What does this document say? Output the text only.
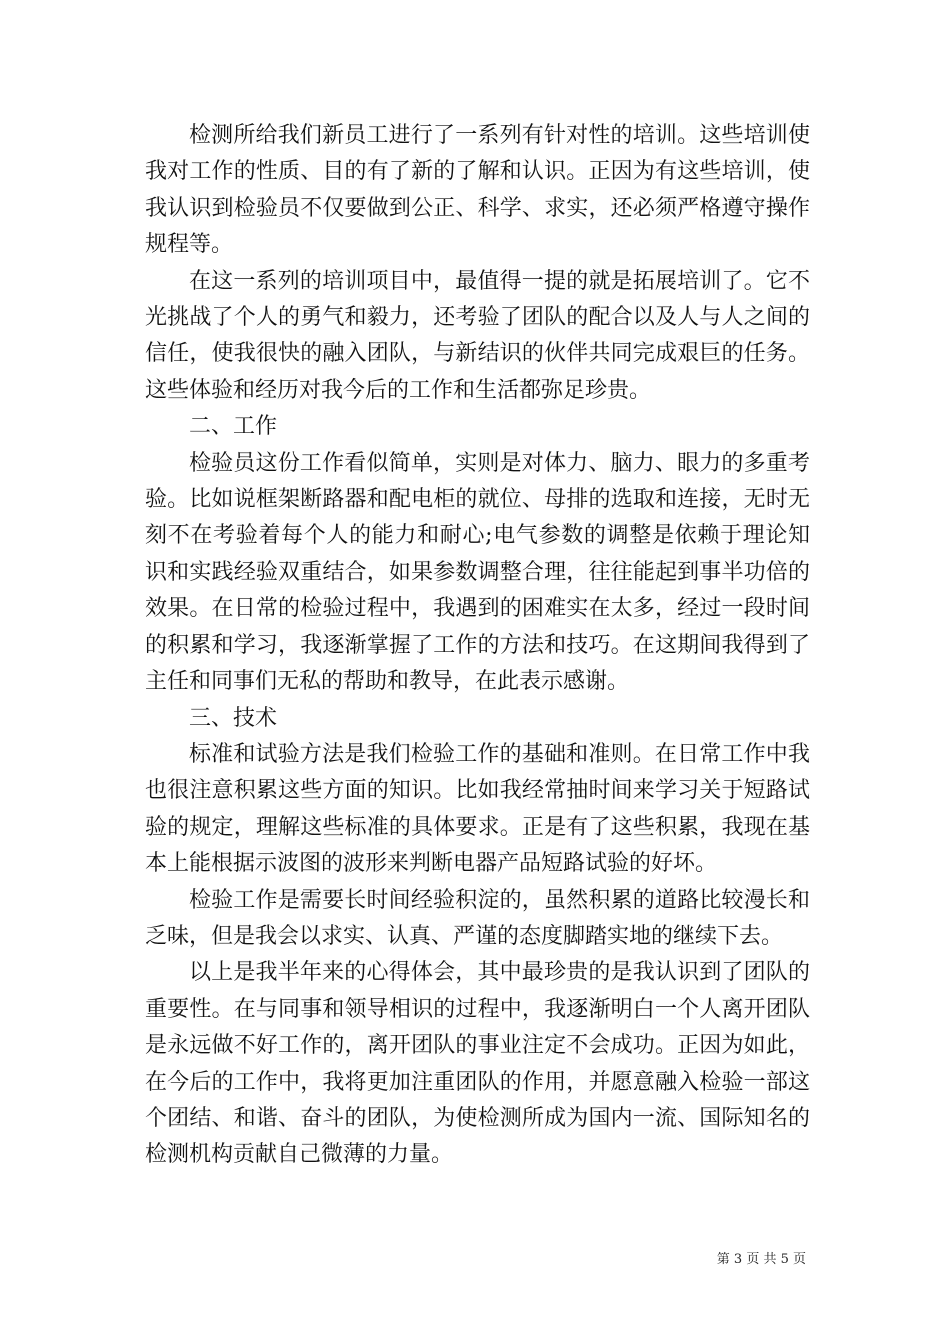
检测所给我们新员工进行了一系列有针对性的培训。这些培训使我对工作的性质、目的有了新的了解和认识。正因为有这些培训，使我认识到检验员不仅要做到公正、科学、求实，还必须严格遵守操作规程等。

在这一系列的培训项目中，最值得一提的就是拓展培训了。它不光挑战了个人的勇气和毅力，还考验了团队的配合以及人与人之间的信任，使我很快的融入团队，与新结识的伙伴共同完成艰巨的任务。这些体验和经历对我今后的工作和生活都弥足珍贵。

二、工作

检验员这份工作看似简单，实则是对体力、脑力、眼力的多重考验。比如说框架断路器和配电柜的就位、母排的选取和连接，无时无刻不在考验着每个人的能力和耐心;电气参数的调整是依赖于理论知识和实践经验双重结合，如果参数调整合理，往往能起到事半功倍的效果。在日常的检验过程中，我遇到的困难实在太多，经过一段时间的积累和学习，我逐渐掌握了工作的方法和技巧。在这期间我得到了主任和同事们无私的帮助和教导，在此表示感谢。

三、技术

标准和试验方法是我们检验工作的基础和准则。在日常工作中我也很注意积累这些方面的知识。比如我经常抽时间来学习关于短路试验的规定，理解这些标准的具体要求。正是有了这些积累，我现在基本上能根据示波图的波形来判断电器产品短路试验的好坏。

检验工作是需要长时间经验积淀的，虽然积累的道路比较漫长和乏味，但是我会以求实、认真、严谨的态度脚踏实地的继续下去。

以上是我半年来的心得体会，其中最珍贵的是我认识到了团队的重要性。在与同事和领导相识的过程中，我逐渐明白一个人离开团队是永远做不好工作的，离开团队的事业注定不会成功。正因为如此，在今后的工作中，我将更加注重团队的作用，并愿意融入检验一部这个团结、和谐、奋斗的团队，为使检测所成为国内一流、国际知名的检测机构贡献自己微薄的力量。

第 3 页 共 5 页
